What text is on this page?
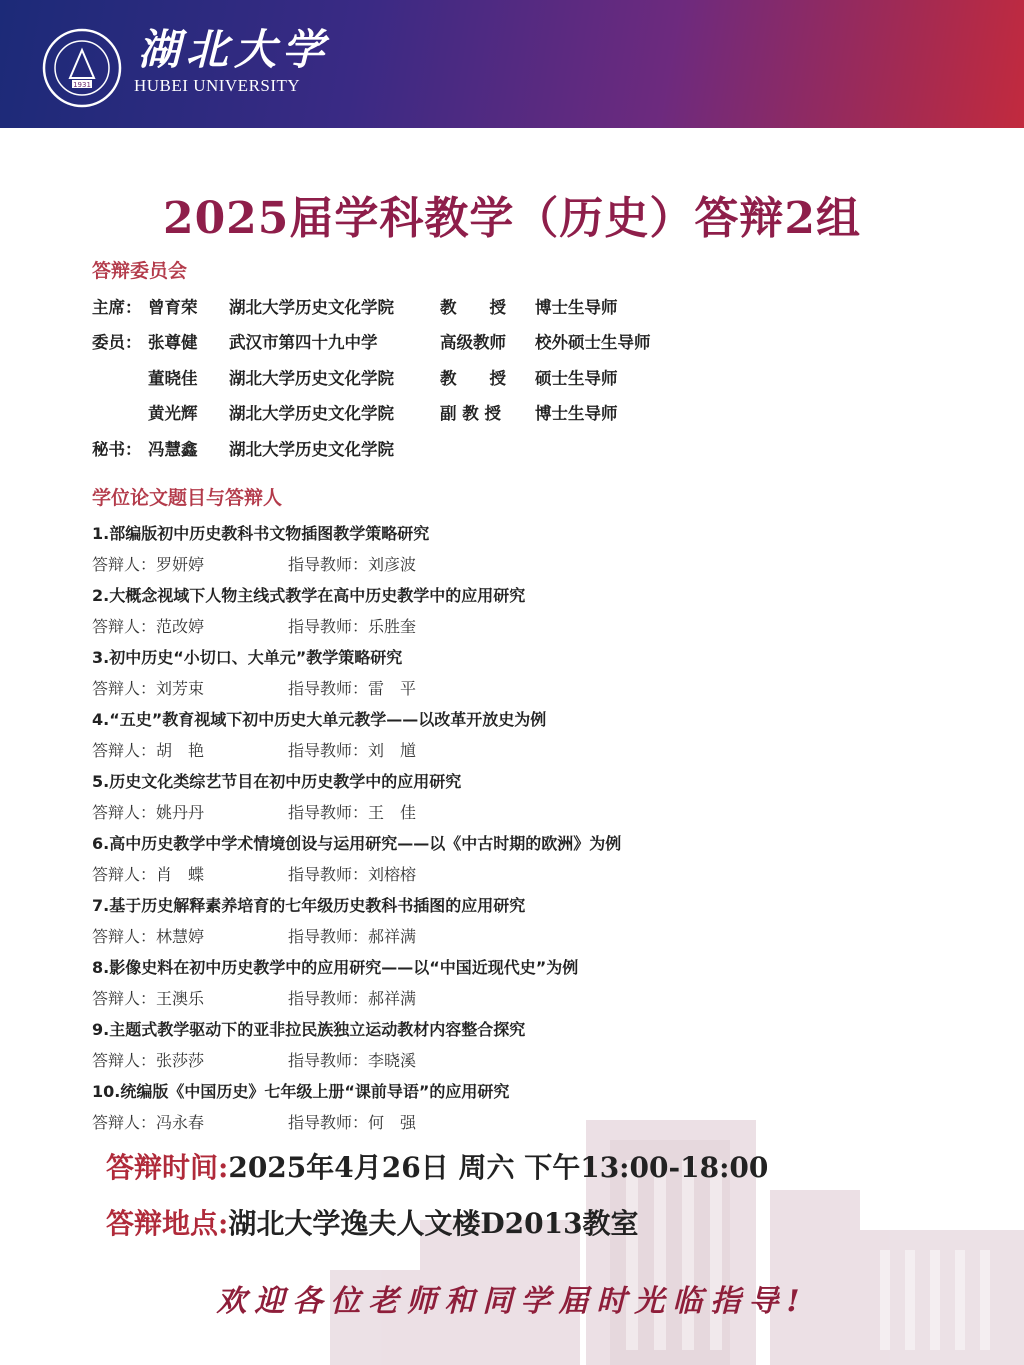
1931
湖北大学
HUBEI UNIVERSITY
2025届学科教学（历史）答辩2组
答辩委员会
主席： 曾育荣 湖北大学历史文化学院	教　　授 博士生导师
委员： 张尊健 武汉市第四十九中学	高级教师 校外硕士生导师
董晓佳 湖北大学历史文化学院	教　　授 硕士生导师
黄光辉 湖北大学历史文化学院	副 教 授 博士生导师
秘书： 冯慧鑫 湖北大学历史文化学院
学位论文题目与答辩人
1.部编版初中历史教科书文物插图教学策略研究
答辩人：罗妍婷	指导教师：刘彦波
2.大概念视域下人物主线式教学在高中历史教学中的应用研究
答辩人：范改婷	指导教师：乐胜奎
3.初中历史“小切口、大单元”教学策略研究
答辩人：刘芳束	指导教师：雷　平
4.“五史”教育视域下初中历史大单元教学——以改革开放史为例
答辩人：胡　艳	指导教师：刘　馗
5.历史文化类综艺节目在初中历史教学中的应用研究
答辩人：姚丹丹	指导教师：王　佳
6.高中历史教学中学术情境创设与运用研究——以《中古时期的欧洲》为例
答辩人：肖　蝶	指导教师：刘榕榕
7.基于历史解释素养培育的七年级历史教科书插图的应用研究
答辩人：林慧婷	指导教师：郝祥满
8.影像史料在初中历史教学中的应用研究——以“中国近现代史”为例
答辩人：王澳乐	指导教师：郝祥满
9.主题式教学驱动下的亚非拉民族独立运动教材内容整合探究
答辩人：张莎莎	指导教师：李晓溪
10.统编版《中国历史》七年级上册“课前导语”的应用研究
答辩人：冯永春	指导教师：何　强
答辩时间:2025年4月26日 周六 下午13:00-18:00
答辩地点:湖北大学逸夫人文楼D2013教室
欢迎各位老师和同学届时光临指导!
